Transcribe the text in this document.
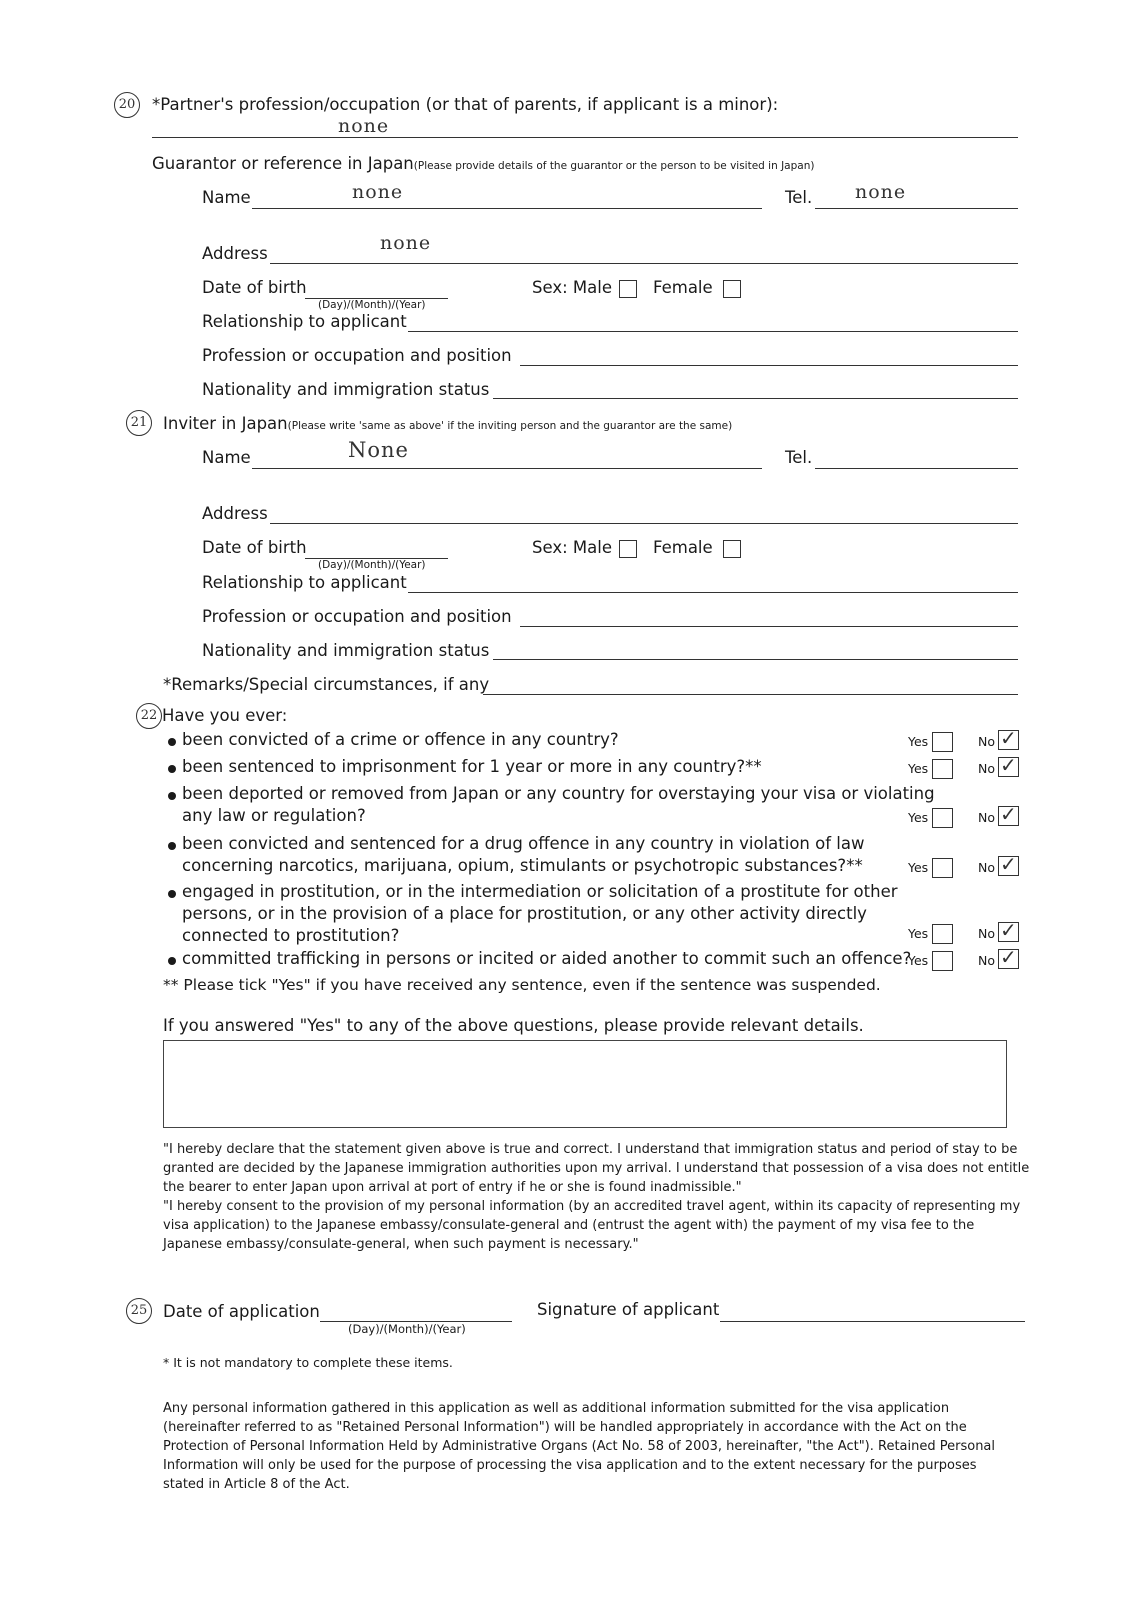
20 *Partner's profession/occupation (or that of parents, if applicant is a minor):
none
Guarantor or reference in Japan(Please provide details of the guarantor or the person to be visited in Japan)
Name	none	Tel. none
Address	none
Date of birth
(Day)/(Month)/(Year)
Sex: Male Female
Relationship to applicant
Profession or occupation and position
Nationality and immigration status
21 Inviter in Japan(Please write 'same as above' if the inviting person and the guarantor are the same)
Name	None	Tel.
Address
Date of birth
(Day)/(Month)/(Year)
Sex: Male Female
Relationship to applicant
Profession or occupation and position
Nationality and immigration status
*Remarks/Special circumstances, if any
22 Have you ever:
been convicted of a crime or offence in any country?	Yes	No ✓
been sentenced to imprisonment for 1 year or more in any country?**	Yes	No ✓
been deported or removed from Japan or any country for overstaying your visa or violating
any law or regulation?	Yes	No ✓
been convicted and sentenced for a drug offence in any country in violation of law
concerning narcotics, marijuana, opium, stimulants or psychotropic substances?**	Yes	No ✓
engaged in prostitution, or in the intermediation or solicitation of a prostitute for other
persons, or in the provision of a place for prostitution, or any other activity directly
connected to prostitution?	Yes	No ✓
committed trafficking in persons or incited or aided another to commit such an offence?
Yes	No ✓
** Please tick "Yes" if you have received any sentence, even if the sentence was suspended.
If you answered "Yes" to any of the above questions, please provide relevant details.

"I hereby declare that the statement given above is true and correct. I understand that immigration status and period of stay to be granted are decided by the Japanese immigration authorities upon my arrival. I understand that possession of a visa does not entitle the bearer to enter Japan upon arrival at port of entry if he or she is found inadmissible."

"I hereby consent to the provision of my personal information (by an accredited travel agent, within its capacity of representing my visa application) to the Japanese embassy/consulate-general and (entrust the agent with) the payment of my visa fee to the Japanese embassy/consulate-general, when such payment is necessary."

25 Date of application
(Day)/(Month)/(Year)
Signature of applicant
* It is not mandatory to complete these items.
Any personal information gathered in this application as well as additional information submitted for the visa application (hereinafter referred to as "Retained Personal Information") will be handled appropriately in accordance with the Act on the Protection of Personal Information Held by Administrative Organs (Act No. 58 of 2003, hereinafter, "the Act"). Retained Personal Information will only be used for the purpose of processing the visa application and to the extent necessary for the purposes stated in Article 8 of the Act.
